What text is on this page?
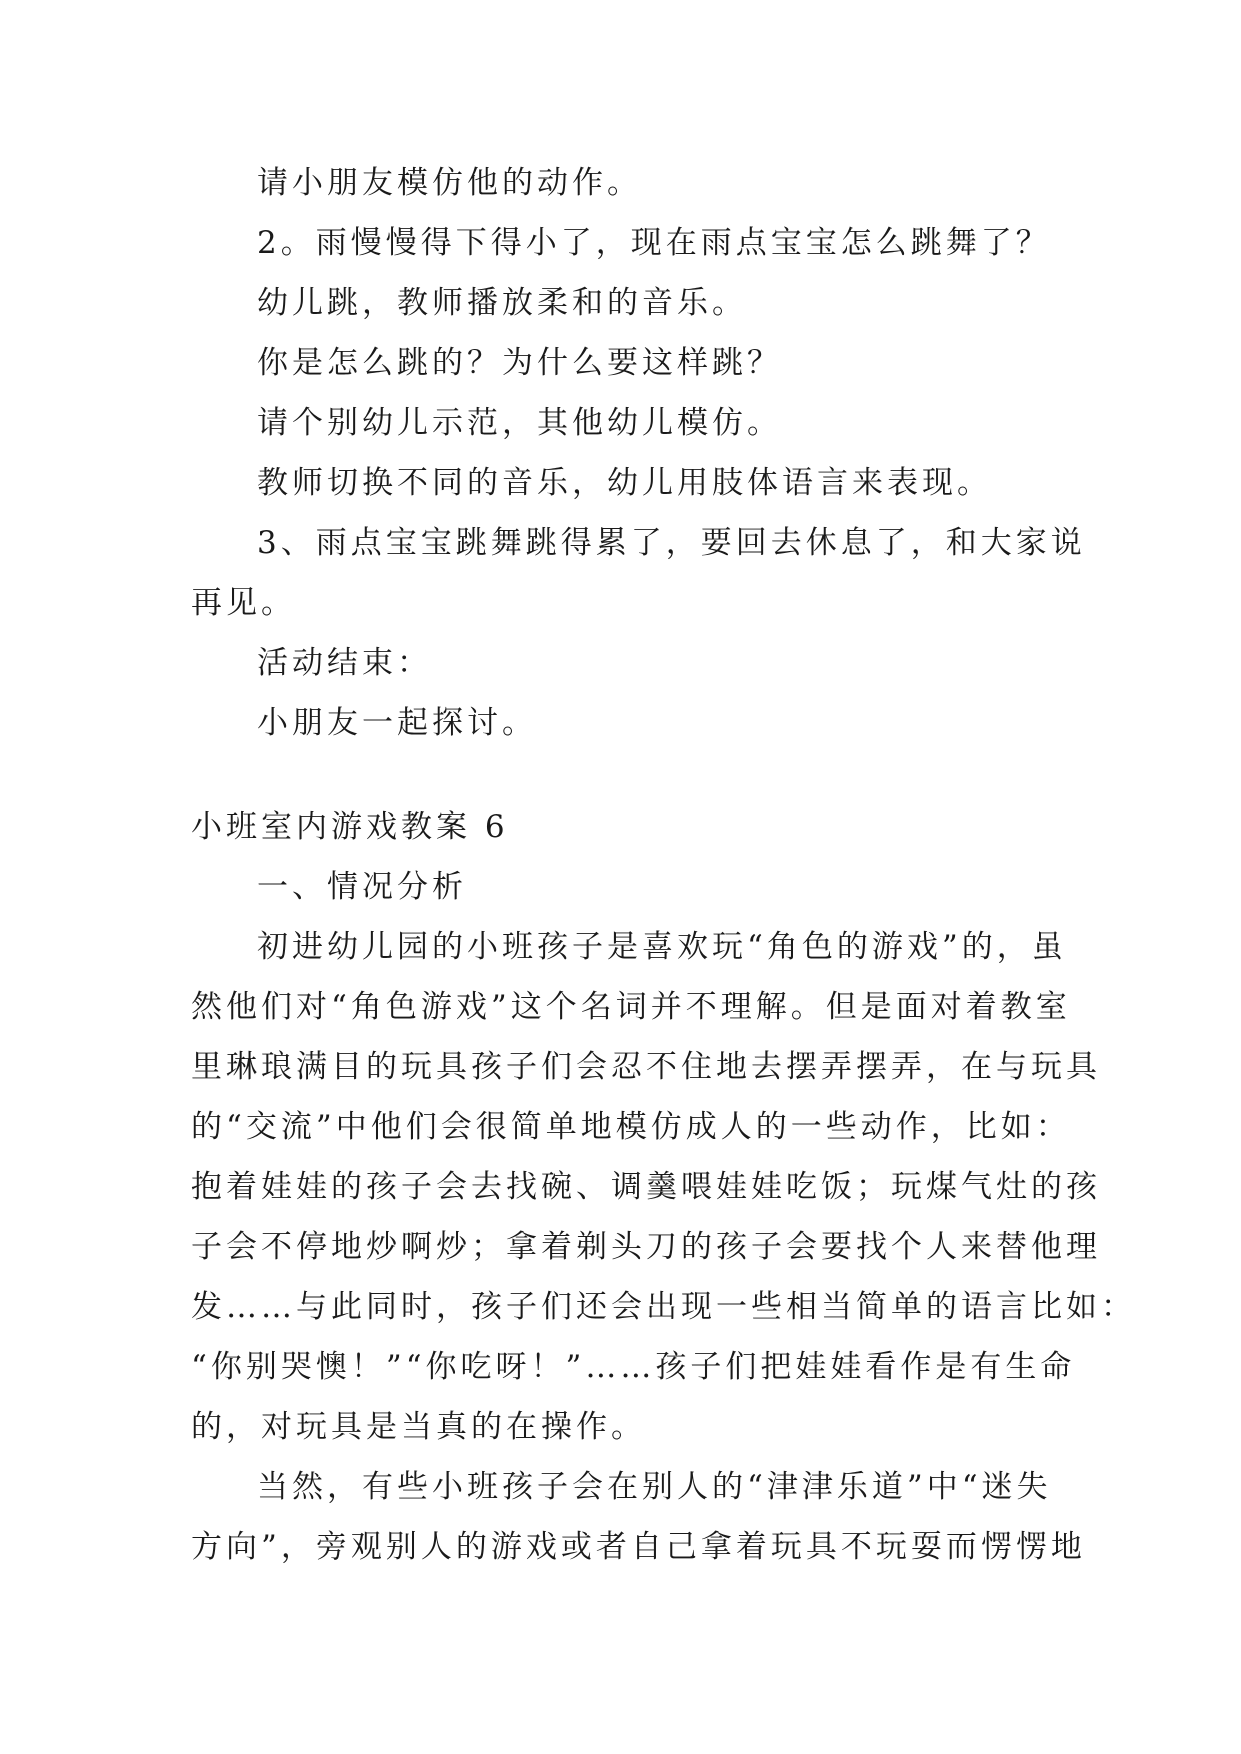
请小朋友模仿他的动作。
2。雨慢慢得下得小了，现在雨点宝宝怎么跳舞了？
幼儿跳，教师播放柔和的音乐。
你是怎么跳的？为什么要这样跳？
请个别幼儿示范，其他幼儿模仿。
教师切换不同的音乐，幼儿用肢体语言来表现。
3、雨点宝宝跳舞跳得累了，要回去休息了，和大家说
再见。
活动结束：
小朋友一起探讨。
小班室内游戏教案 6
一、情况分析
初进幼儿园的小班孩子是喜欢玩“角色的游戏”的，虽
然他们对“角色游戏”这个名词并不理解。但是面对着教室
里琳琅满目的玩具孩子们会忍不住地去摆弄摆弄，在与玩具
的“交流”中他们会很简单地模仿成人的一些动作，比如：
抱着娃娃的孩子会去找碗、调羹喂娃娃吃饭；玩煤气灶的孩
子会不停地炒啊炒；拿着剃头刀的孩子会要找个人来替他理
发……与此同时，孩子们还会出现一些相当简单的语言比如：
“你别哭懊！”“你吃呀！”……孩子们把娃娃看作是有生命
的，对玩具是当真的在操作。
当然，有些小班孩子会在别人的“津津乐道”中“迷失
方向”，旁观别人的游戏或者自己拿着玩具不玩耍而愣愣地
